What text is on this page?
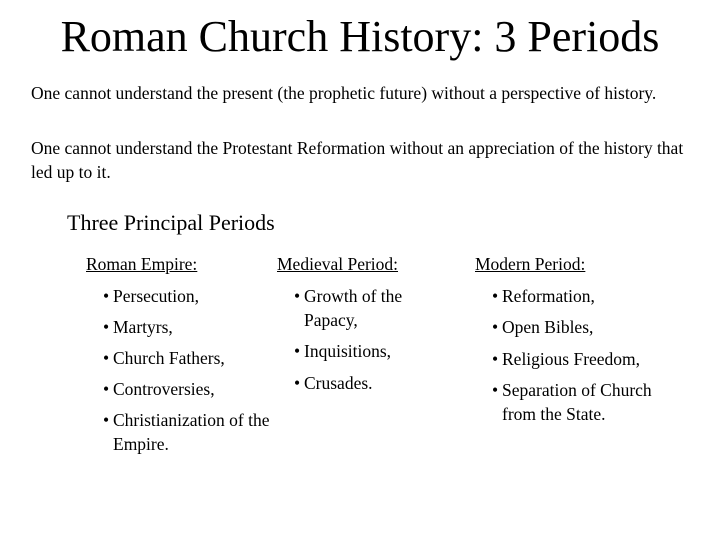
Roman Church History: 3 Periods
One cannot understand the present (the prophetic future) without a perspective of history.
One cannot understand the Protestant Reformation without an appreciation of the history that led up to it.
Three Principal Periods
Roman Empire:
• Persecution,
• Martyrs,
• Church Fathers,
• Controversies,
• Christianization of the Empire.
Medieval Period:
• Growth of the Papacy,
• Inquisitions,
• Crusades.
Modern Period:
• Reformation,
• Open Bibles,
• Religious Freedom,
• Separation of Church from the State.
